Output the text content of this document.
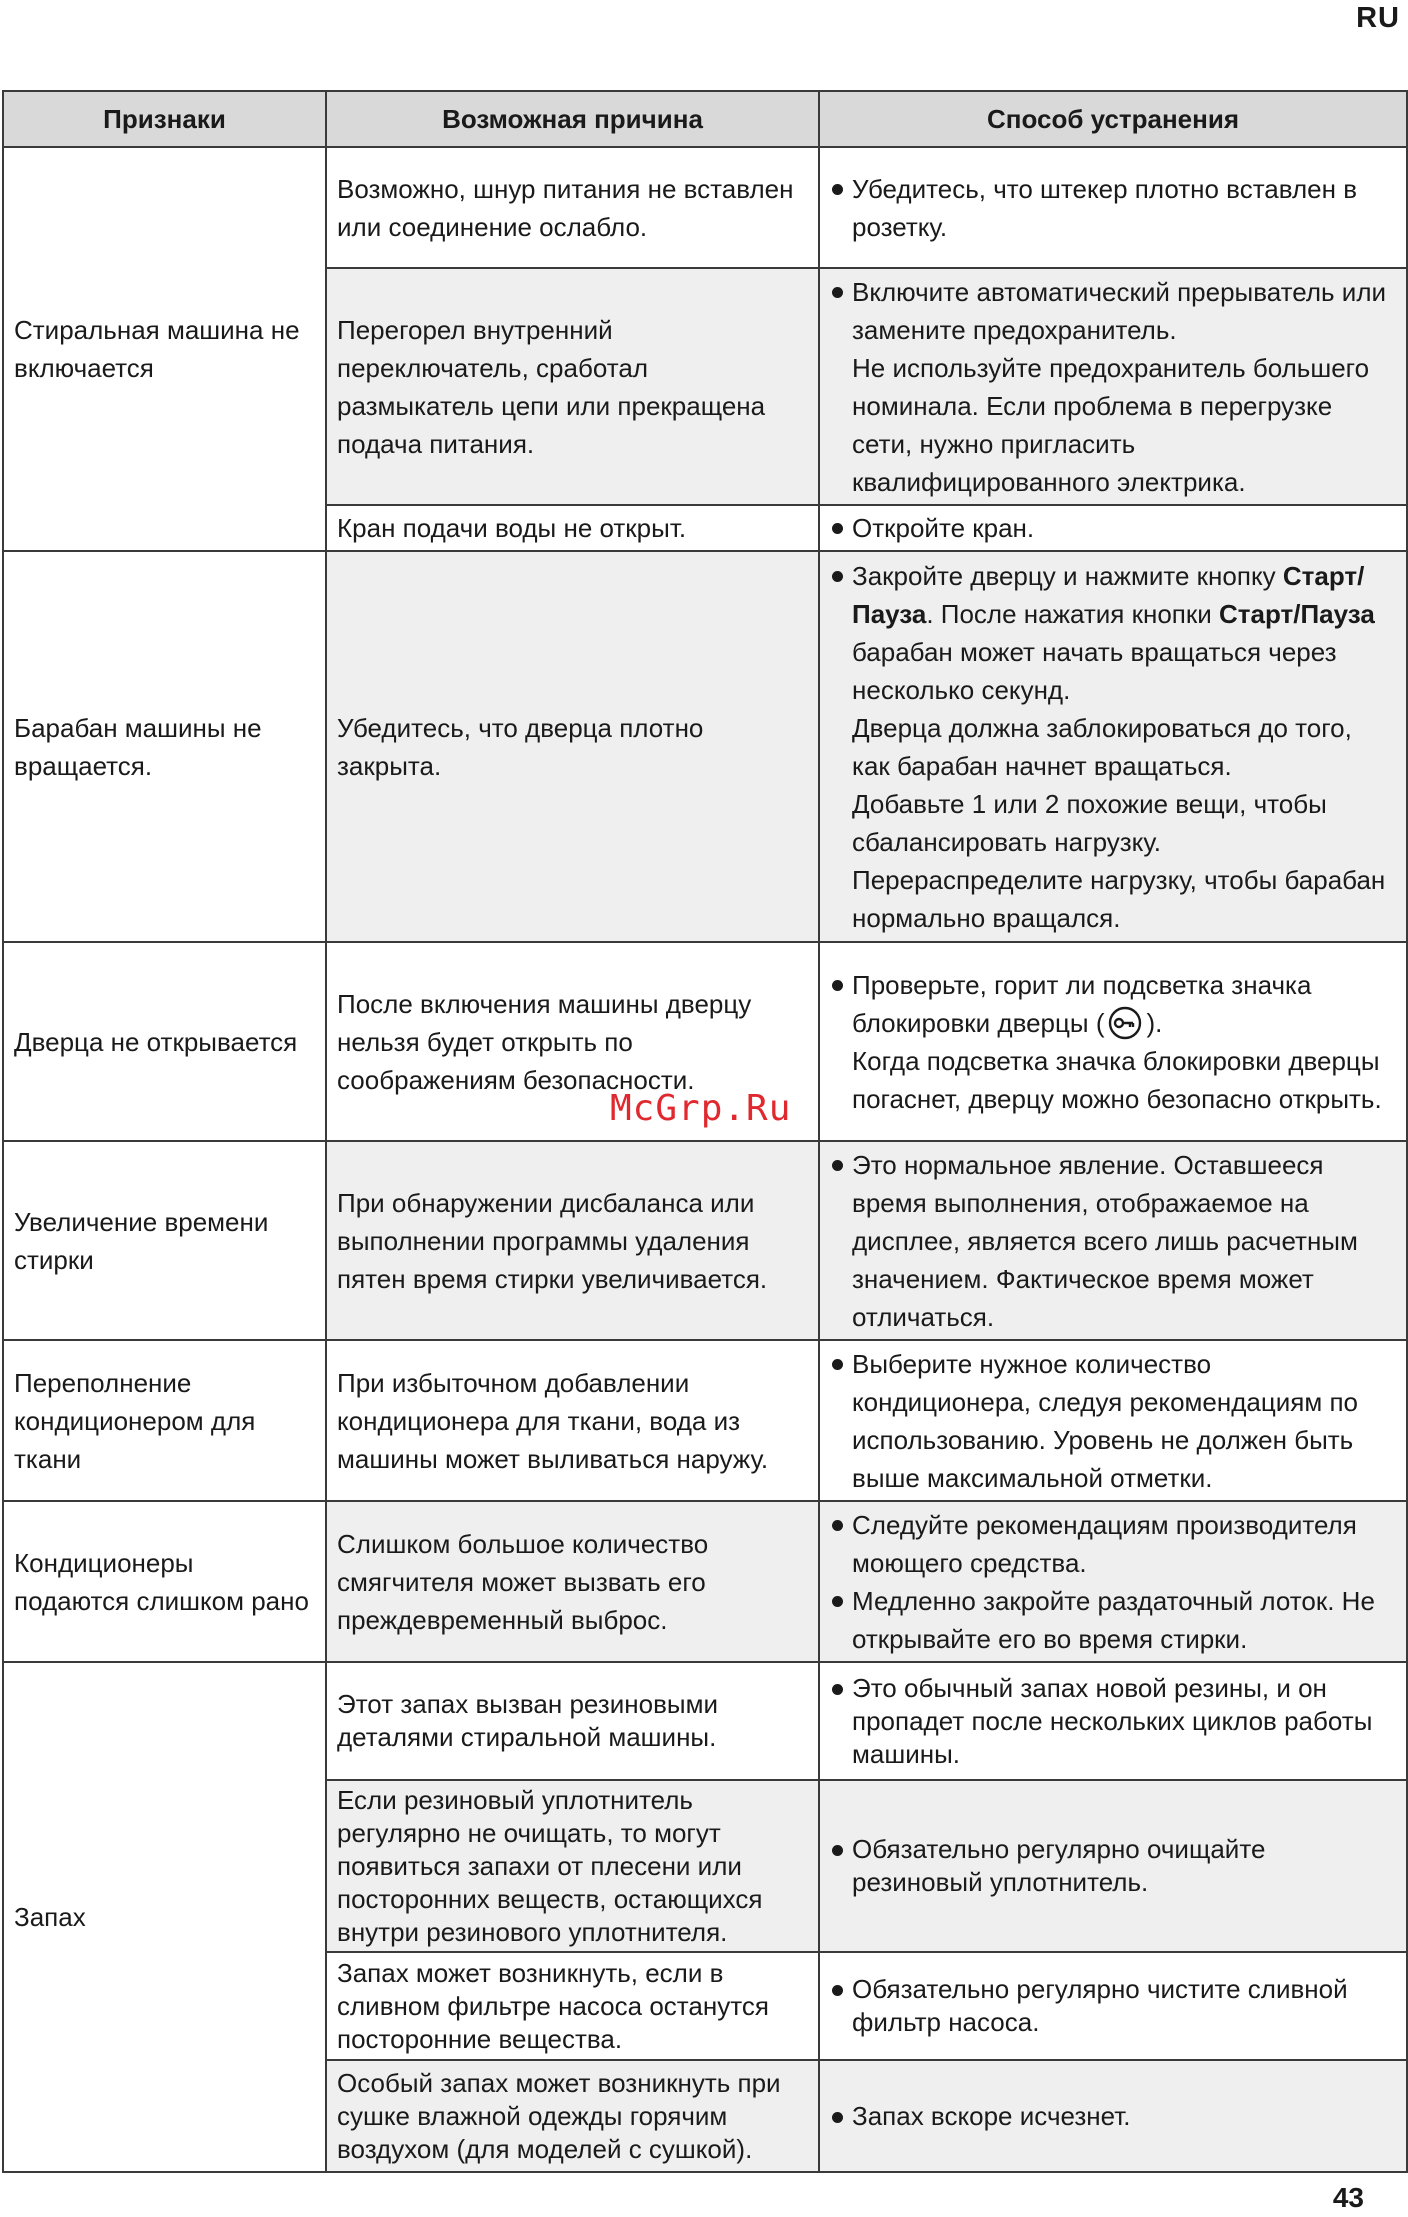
RU
Признаки	Возможная причина	Способ устранения
Стиральная машина не включается	Возможно, шнур питания не вставлен или соединение ослабло.	Убедитесь, что штекер плотно вставлен в розетку.

	Перегорел внутренний переключатель, сработал размыкатель цепи или прекращена подача питания.	Включите автоматический прерыватель или замените предохранитель.
Не используйте предохранитель большего номинала. Если проблема в перегрузке сети, нужно пригласить квалифицированного электрика.

	Кран подачи воды не открыт.	Откройте кран.

Барабан машины не вращается.	Убедитесь, что дверца плотно закрыта.	Закройте дверцу и нажмите кнопку Старт/Пауза. После нажатия кнопки Старт/Пауза барабан может начать вращаться через несколько секунд.
Дверца должна заблокироваться до того, как барабан начнет вращаться.
Добавьте 1 или 2 похожие вещи, чтобы сбалансировать нагрузку.
Перераспределите нагрузку, чтобы барабан нормально вращался.

Дверца не открывается	После включения машины дверцу нельзя будет открыть по соображениям безопасности.	Проверьте, горит ли подсветка значка блокировки дверцы ( ).
Когда подсветка значка блокировки дверцы погаснет, дверцу можно безопасно открыть.

Увеличение времени стирки	При обнаружении дисбаланса или выполнении программы удаления пятен время стирки увеличивается.	Это нормальное явление. Оставшееся время выполнения, отображаемое на дисплее, является всего лишь расчетным значением. Фактическое время может отличаться.

Переполнение кондиционером для ткани	При избыточном добавлении кондиционера для ткани, вода из машины может выливаться наружу.	Выберите нужное количество кондиционера, следуя рекомендациям по использованию. Уровень не должен быть выше максимальной отметки.

Кондиционеры подаются слишком рано	Слишком большое количество смягчителя может вызвать его преждевременный выброс.	Следуйте рекомендациям производителя моющего средства.
Медленно закройте раздаточный лоток. Не открывайте его во время стирки.

Запах	Этот запах вызван резиновыми деталями стиральной машины.	Это обычный запах новой резины, и он пропадет после нескольких циклов работы машины.

	Если резиновый уплотнитель регулярно не очищать, то могут появиться запахи от плесени или посторонних веществ, остающихся внутри резинового уплотнителя.	Обязательно регулярно очищайте резиновый уплотнитель.

	Запах может возникнуть, если в сливном фильтре насоса останутся посторонние вещества.	Обязательно регулярно чистите сливной фильтр насоса.

	Особый запах может возникнуть при сушке влажной одежды горячим воздухом (для моделей с сушкой).	Запах вскоре исчезнет.
McGrp.Ru
43
